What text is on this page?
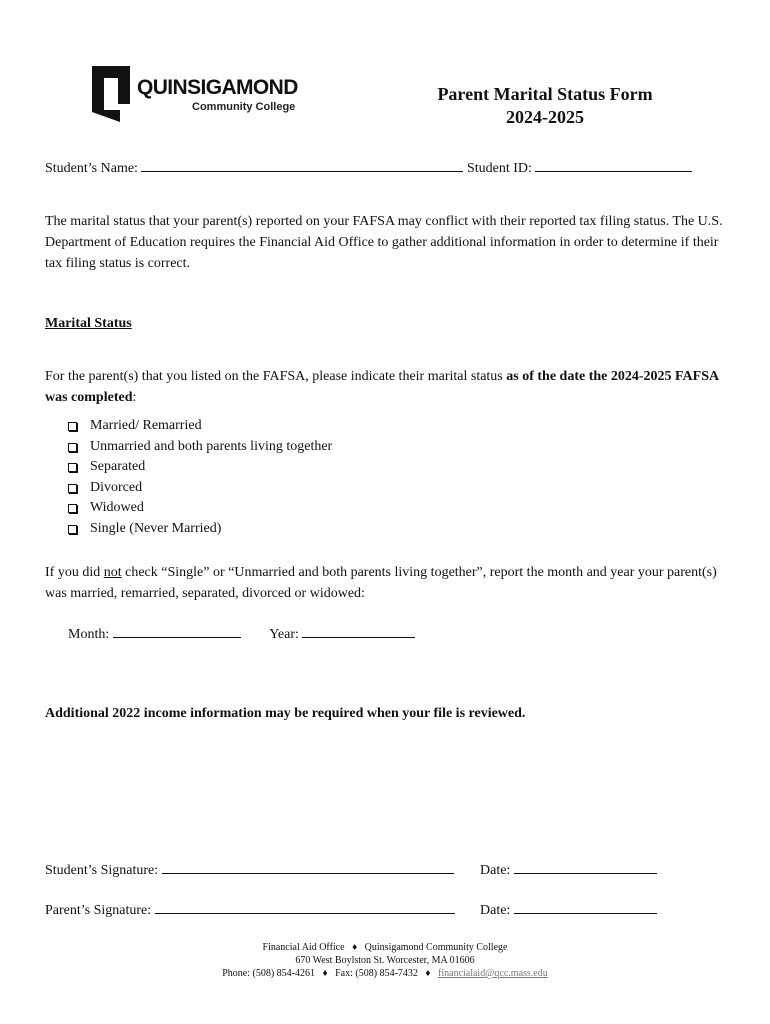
QUINSIGAMOND
Community College
Parent Marital Status Form
2024-2025
Student’s Name:	Student ID:
The marital status that your parent(s) reported on your FAFSA may conflict with their reported tax filing status. The U.S. Department of Education requires the Financial Aid Office to gather additional information in order to determine if their tax filing status is correct.
Marital Status
For the parent(s) that you listed on the FAFSA, please indicate their marital status as of the date the 2024-2025 FAFSA was completed:
Married/ Remarried
Unmarried and both parents living together
Separated
Divorced
Widowed
Single (Never Married)
If you did not check “Single” or “Unmarried and both parents living together”, report the month and year your parent(s) was married, remarried, separated, divorced or widowed:
Month:	Year:
Additional 2022 income information may be required when your file is reviewed.
Student’s Signature:	Date:
Parent’s Signature:	Date:
Financial Aid Office ♦ Quinsigamond Community College
670 West Boylston St. Worcester, MA 01606
Phone: (508) 854-4261 ♦ Fax: (508) 854-7432 ♦ financialaid@qcc.mass.edu
